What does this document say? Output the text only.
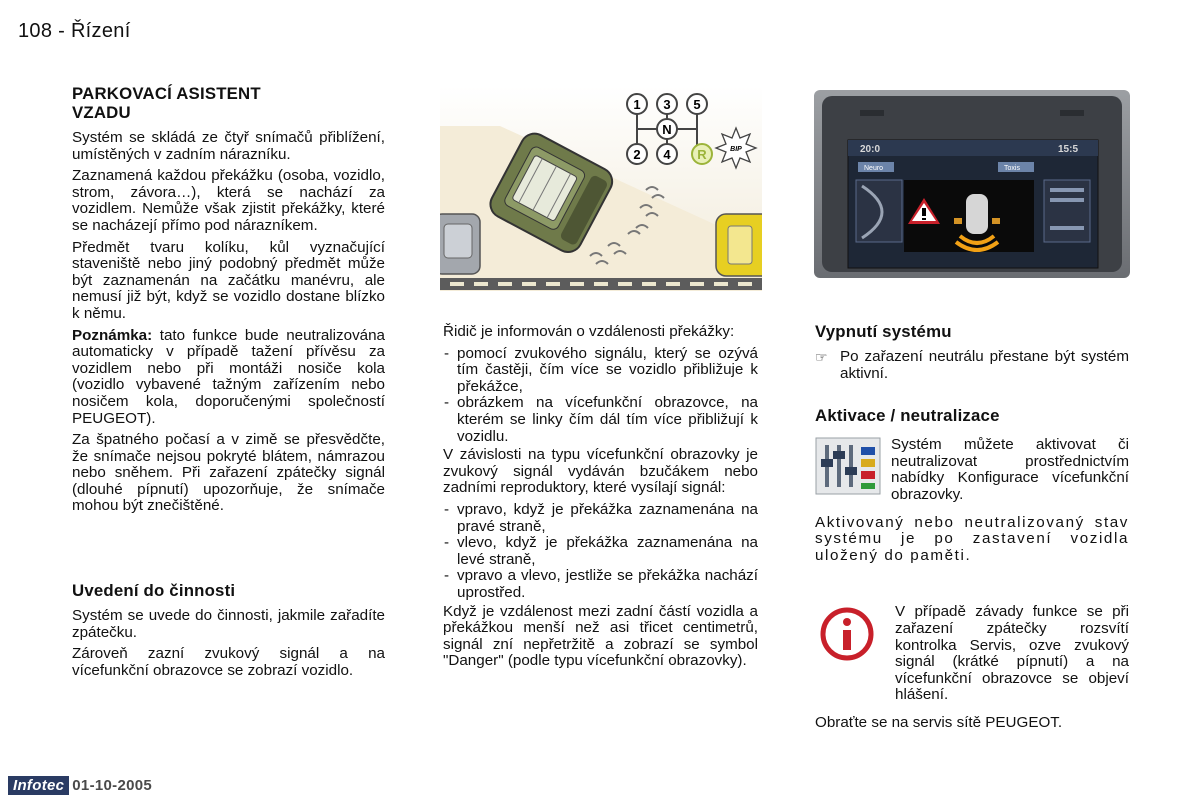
108 - Řízení
PARKOVACÍ ASISTENT
VZADU

Systém se skládá ze čtyř snímačů přiblížení, umístěných v zadním nárazníku.

Zaznamená každou překážku (osoba, vozidlo, strom, závora…), která se nachází za vozidlem. Nemůže však zjistit překážky, které se nacházejí přímo pod nárazníkem.

Předmět tvaru kolíku, kůl vyznačující staveniště nebo jiný podobný předmět může být zaznamenán na začátku manévru, ale nemusí již být, když se vozidlo dostane blízko k němu.

Poznámka: tato funkce bude neutralizována automaticky v případě tažení přívěsu za vozidlem nebo při montáži nosiče kola (vozidlo vybavené tažným zařízením nebo nosičem kola, doporučenými společností PEUGEOT).

Za špatného počasí a v zimě se přesvědčte, že snímače nejsou pokryté blátem, námrazou nebo sněhem. Při zařazení zpátečky signál (dlouhé pípnutí) upozorňuje, že snímače mohou být znečištěné.

Uvedení do činnosti

Systém se uvede do činnosti, jakmile zařadíte zpátečku.

Zároveň zazní zvukový signál a na vícefunkční obrazovce se zobrazí vozidlo.

1 3 5
N
2 4 R	BIP

Řidič je informován o vzdálenosti překážky:

- pomocí zvukového signálu, který se ozývá tím častěji, čím více se vozidlo přibližuje k překážce,
- obrázkem na vícefunkční obrazovce, na kterém se linky čím dál tím více přibližují k vozidlu.

V závislosti na typu vícefunkční obrazovky je zvukový signál vydáván bzučákem nebo zadními reproduktory, které vysílají signál:

- vpravo, když je překážka zaznamenána na pravé straně,
- vlevo, když je překážka zaznamenána na levé straně,
- vpravo a vlevo, jestliže se překážka nachází uprostřed.

Když je vzdálenost mezi zadní částí vozidla a překážkou menší než asi třicet centimetrů, signál zní nepřetržitě a zobrazí se symbol "Danger" (podle typu vícefunkční obrazovky).

20:0	15:5
Neuro	Toxis
Vypnutí systému
☞ Po zařazení neutrálu přestane být systém aktivní.

Aktivace / neutralizace

Systém můžete aktivovat či neutralizovat prostřednictvím nabídky Konfigurace vícefunkční obrazovky.

Aktivovaný nebo neutralizovaný stav systému je po zastavení vozidla uložený do paměti.

V případě závady funkce se při zařazení zpátečky rozsvítí kontrolka Servis, ozve zvukový signál (krátké pípnutí) a na vícefunkční obrazovce se objeví hlášení.

Obraťte se na servis sítě PEUGEOT.

Infotec 01-10-2005
